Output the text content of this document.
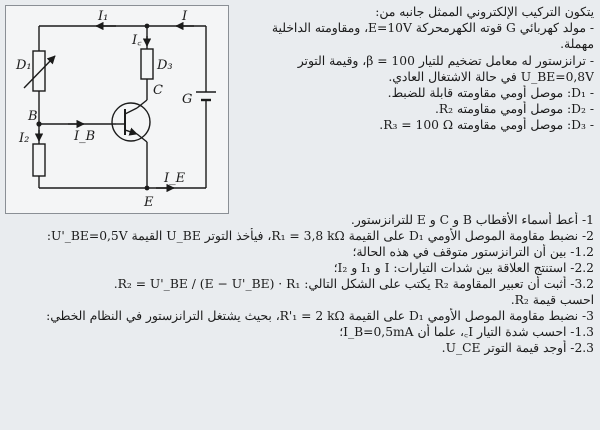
I₁	I
I꜀
D₁	D₃
C
G
B
I₂	I_B
I_E
E
يتكون التركيب الإلكتروني الممثل جانبه من:
- مولد كهربائي G قوته الكهرمحركة E=10V، ومقاومته الداخلية
مهملة.
- ترانزستور له معامل تضخيم للتيار β = 100، وقيمة التوتر
U_BE=0,8V في حالة الاشتغال العادي.
- D₁: موصل أومي مقاومته قابلة للضبط.
- D₂: موصل أومي مقاومته R₂.
- D₃: موصل أومي مقاومته R₃ = 100 Ω.
1- أعط أسماء الأقطاب B و C و E للترانزستور.
2- نضبط مقاومة الموصل الأومي D₁ على القيمة R₁ = 3,8 kΩ، فيأخذ التوتر U_BE القيمة U'_BE=0,5V:
1.2- بين أن الترانزستور متوقف في هذه الحالة؛
2.2- استنتج العلاقة بين شدات التيارات: I و I₁ و I₂؛
3.2- أثبت أن تعبير المقاومة R₂ يكتب على الشكل التالي: R₂ = U'_BE / (E − U'_BE) · R₁.
احسب قيمة R₂.
3- نضبط مقاومة الموصل الأومي D₁ على القيمة R'₁ = 2 kΩ، بحيث يشتغل الترانزستور في النظام الخطي:
1.3- احسب شدة التيار I꜀، علما أن I_B=0,5mA؛
2.3- أوجد قيمة التوتر U_CE.
